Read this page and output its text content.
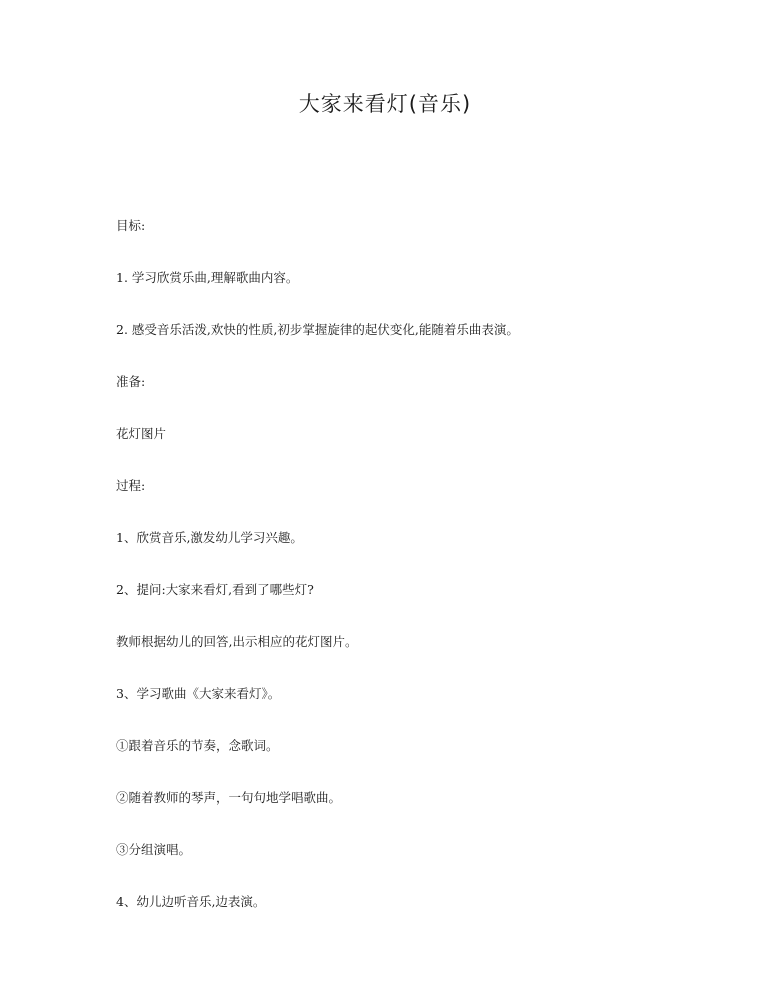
大家来看灯(音乐)

目标:

1. 学习欣赏乐曲,理解歌曲内容。

2. 感受音乐活泼,欢快的性质,初步掌握旋律的起伏变化,能随着乐曲表演。

准备:

花灯图片

过程:

1、欣赏音乐,激发幼儿学习兴趣。

2、提问:大家来看灯,看到了哪些灯?

教师根据幼儿的回答,出示相应的花灯图片。

3、学习歌曲《大家来看灯》。

①跟着音乐的节奏，念歌词。

②随着教师的琴声，一句句地学唱歌曲。

③分组演唱。

4、幼儿边听音乐,边表演。
